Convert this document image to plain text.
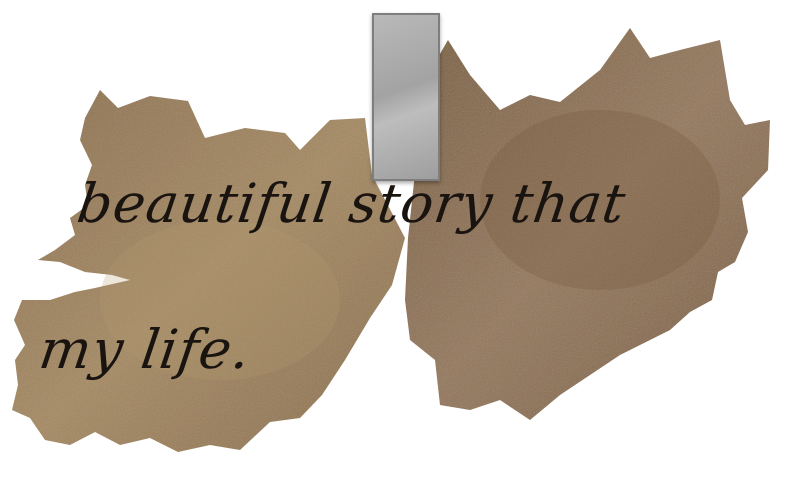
beautiful story that
my life.
